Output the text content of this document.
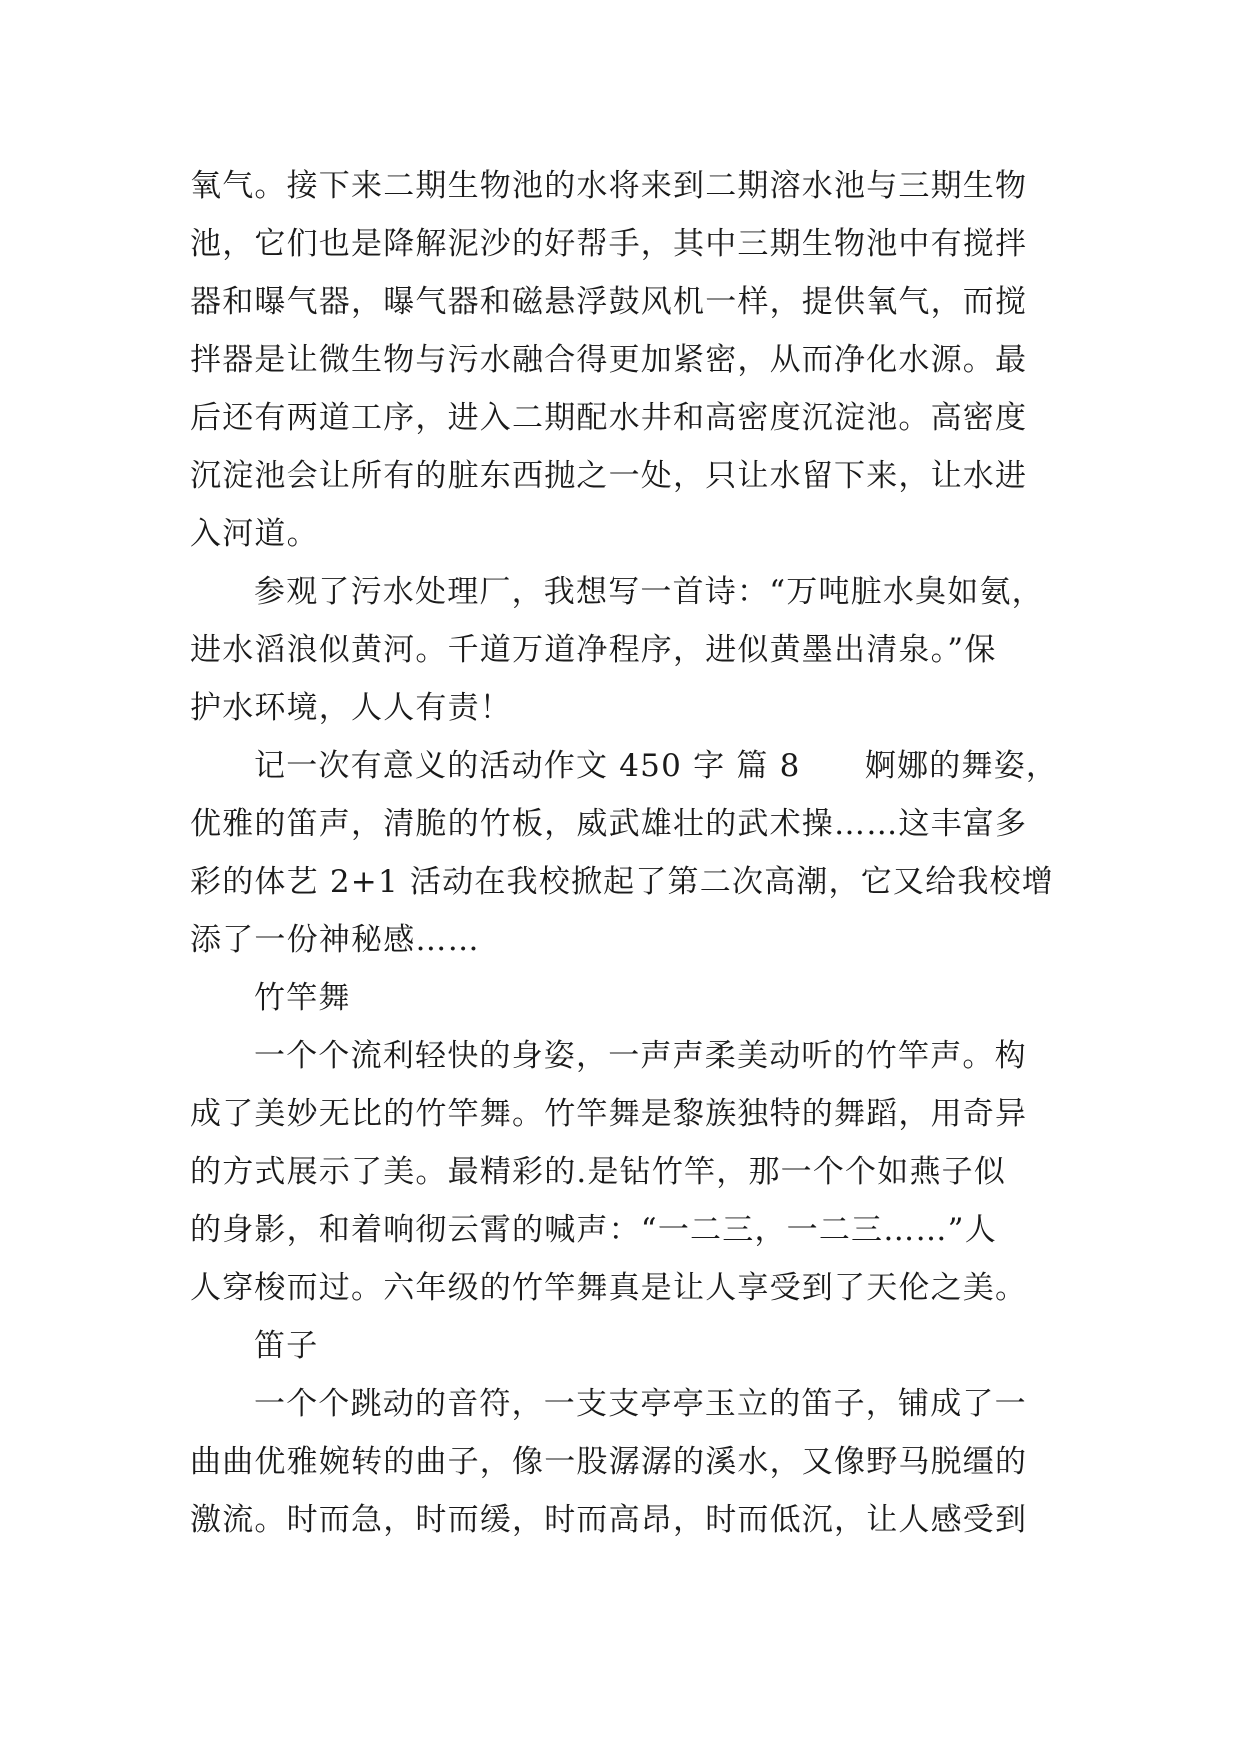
氧气。接下来二期生物池的水将来到二期溶水池与三期生物
池，它们也是降解泥沙的好帮手，其中三期生物池中有搅拌
器和曝气器，曝气器和磁悬浮鼓风机一样，提供氧气，而搅
拌器是让微生物与污水融合得更加紧密，从而净化水源。最
后还有两道工序，进入二期配水井和高密度沉淀池。高密度
沉淀池会让所有的脏东西抛之一处，只让水留下来，让水进
入河道。
参观了污水处理厂，我想写一首诗：“万吨脏水臭如氨，
进水滔浪似黄河。千道万道净程序，进似黄墨出清泉。”保
护水环境，人人有责！
记一次有意义的活动作文 450 字 篇 8　　婀娜的舞姿，
优雅的笛声，清脆的竹板，威武雄壮的武术操……这丰富多
彩的体艺 2+1 活动在我校掀起了第二次高潮，它又给我校增
添了一份神秘感……
竹竿舞
一个个流利轻快的身姿，一声声柔美动听的竹竿声。构
成了美妙无比的竹竿舞。竹竿舞是黎族独特的舞蹈，用奇异
的方式展示了美。最精彩的.是钻竹竿，那一个个如燕子似
的身影，和着响彻云霄的喊声：“一二三，一二三……”人
人穿梭而过。六年级的竹竿舞真是让人享受到了天伦之美。
笛子
一个个跳动的音符，一支支亭亭玉立的笛子，铺成了一
曲曲优雅婉转的曲子，像一股潺潺的溪水，又像野马脱缰的
激流。时而急，时而缓，时而高昂，时而低沉，让人感受到
